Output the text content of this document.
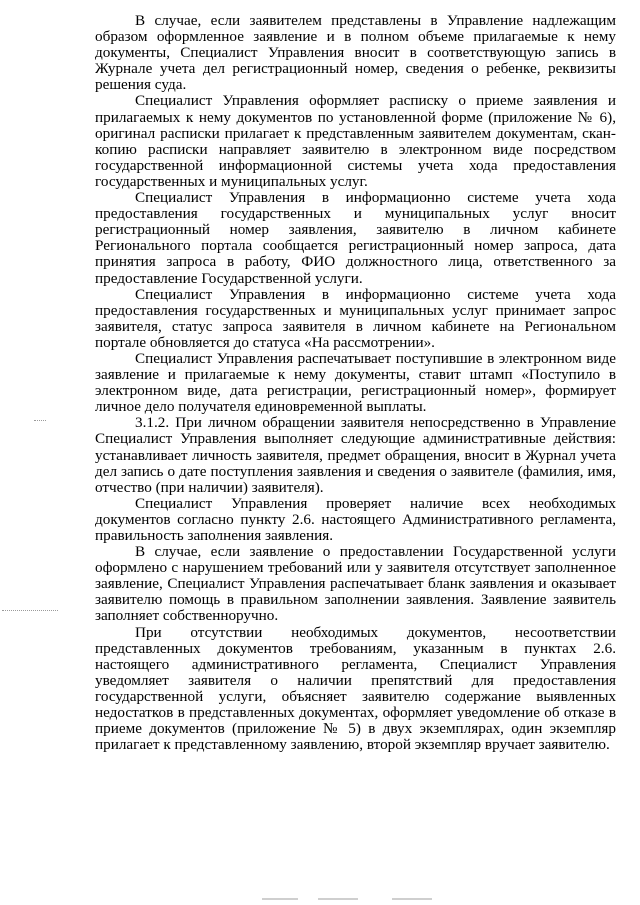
В случае, если заявителем представлены в Управление надлежащим образом оформленное заявление и в полном объеме прилагаемые к нему документы, Специалист Управления вносит в соответствующую запись в Журнале учета дел регистрационный номер, сведения о ребенке, реквизиты решения суда.

Специалист Управления оформляет расписку о приеме заявления и прилагаемых к нему документов по установленной форме (приложение № 6), оригинал расписки прилагает к представленным заявителем документам, скан-копию расписки направляет заявителю в электронном виде посредством государственной информационной системы учета хода предоставления государственных и муниципальных услуг.

Специалист Управления в информационно системе учета хода предоставления государственных и муниципальных услуг вносит регистрационный номер заявления, заявителю в личном кабинете Регионального портала сообщается регистрационный номер запроса, дата принятия запроса в работу, ФИО должностного лица, ответственного за предоставление Государственной услуги.

Специалист Управления в информационно системе учета хода предоставления государственных и муниципальных услуг принимает запрос заявителя, статус запроса заявителя в личном кабинете на Региональном портале обновляется до статуса «На рассмотрении».

Специалист Управления распечатывает поступившие в электронном виде заявление и прилагаемые к нему документы, ставит штамп «Поступило в электронном виде, дата регистрации, регистрационный номер», формирует личное дело получателя единовременной выплаты.

3.1.2. При личном обращении заявителя непосредственно в Управление Специалист Управления выполняет следующие административные действия: устанавливает личность заявителя, предмет обращения, вносит в Журнал учета дел запись о дате поступления заявления и сведения о заявителе (фамилия, имя, отчество (при наличии) заявителя).

Специалист Управления проверяет наличие всех необходимых документов согласно пункту 2.6. настоящего Административного регламента, правильность заполнения заявления.

В случае, если заявление о предоставлении Государственной услуги оформлено с нарушением требований или у заявителя отсутствует заполненное заявление, Специалист Управления распечатывает бланк заявления и оказывает заявителю помощь в правильном заполнении заявления. Заявление заявитель заполняет собственноручно.

При отсутствии необходимых документов, несоответствии представленных документов требованиям, указанным в пунктах 2.6. настоящего административного регламента, Специалист Управления уведомляет заявителя о наличии препятствий для предоставления государственной услуги, объясняет заявителю содержание выявленных недостатков в представленных документах, оформляет уведомление об отказе в приеме документов (приложение № 5) в двух экземплярах, один экземпляр прилагает к представленному заявлению, второй экземпляр вручает заявителю.
